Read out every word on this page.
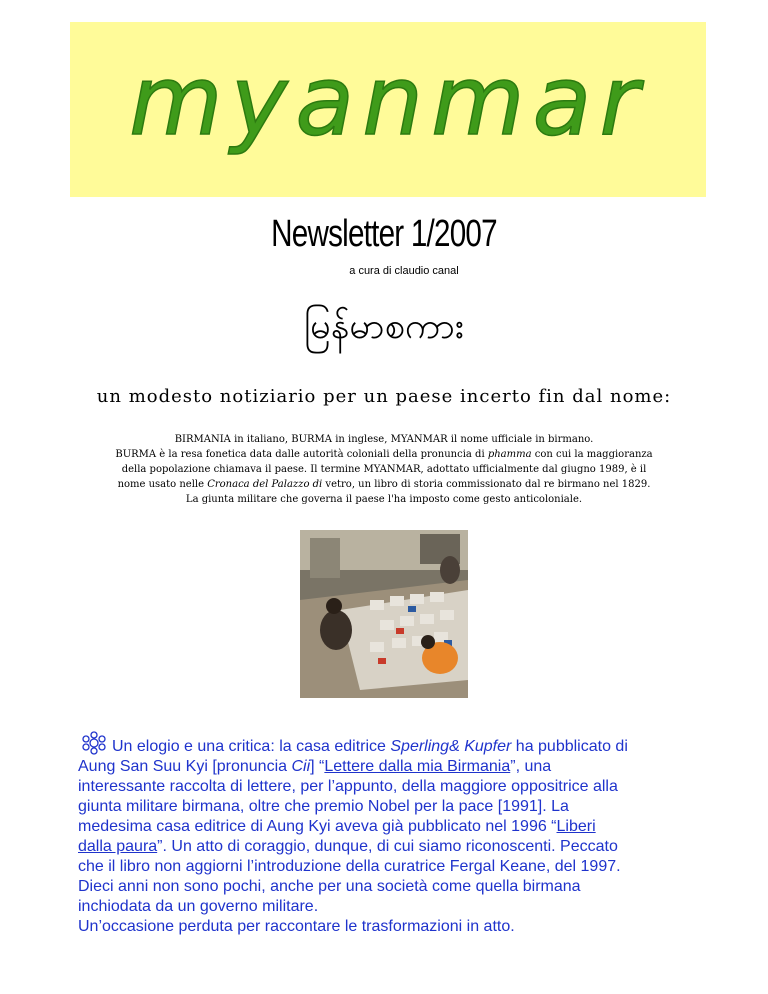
myanmar
Newsletter 1/2007
a cura di claudio canal
မြန်မာစကား
un modesto notiziario per un paese incerto fin dal nome:

BIRMANIA in italiano, BURMA in inglese, MYANMAR il nome ufficiale in birmano.

BURMA è la resa fonetica data dalle autorità coloniali della pronuncia di phamma con cui la maggioranza

della popolazione chiamava il paese. Il termine MYANMAR, adottato ufficialmente dal giugno 1989, è il

nome usato nelle Cronaca del Palazzo di vetro, un libro di storia commissionato dal re birmano nel 1829.

La giunta militare che governa il paese l'ha imposto come gesto anticoloniale.

Un elogio e una critica: la casa editrice Sperling& Kupfer ha pubblicato di

Aung San Suu Kyi [pronuncia Cii] “Lettere dalla mia Birmania”, una

interessante raccolta di lettere, per l’appunto, della maggiore oppositrice alla

giunta militare birmana, oltre che premio Nobel per la pace [1991]. La

medesima casa editrice di Aung Kyi aveva già pubblicato nel 1996 “Liberi

dalla paura”. Un atto di coraggio, dunque, di cui siamo riconoscenti. Peccato

che il libro non aggiorni l’introduzione della curatrice Fergal Keane, del 1997.

Dieci anni non sono pochi, anche per una società come quella birmana

inchiodata da un governo militare.

Un’occasione perduta per raccontare le trasformazioni in atto.
